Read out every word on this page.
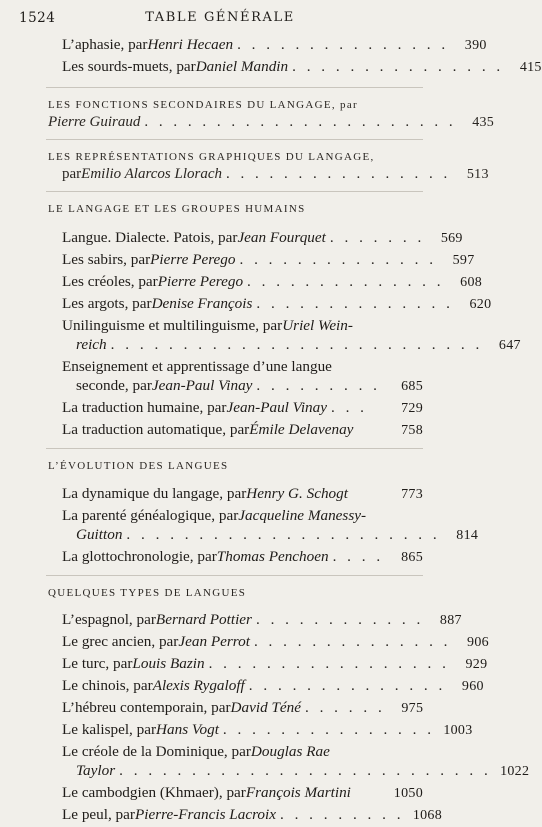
1524	TABLE GÉNÉRALE
L’aphasie, par Henri Hecaen . . . . . . . . . . . . . . .	390
Les sourds-muets, par Daniel Mandin . . . . . . . . . . . . . . .	415
LES FONCTIONS SECONDAIRES DU LANGAGE, par
Pierre Guiraud . . . . . . . . . . . . . . . . . . . . . .	435
LES REPRÉSENTATIONS GRAPHIQUES DU LANGAGE,
par Emilio Alarcos Llorach . . . . . . . . . . . . . . . .	513
LE LANGAGE ET LES GROUPES HUMAINS
Langue. Dialecte. Patois, par Jean Fourquet . . . . . . .	569
Les sabirs, par Pierre Perego . . . . . . . . . . . . . .	597
Les créoles, par Pierre Perego . . . . . . . . . . . . . .	608
Les argots, par Denise François . . . . . . . . . . . . . .	620
Unilinguisme et multilinguisme, par Uriel Wein-
reich . . . . . . . . . . . . . . . . . . . . . . . . . .	647
Enseignement et apprentissage d’une langue
seconde, par Jean-Paul Vinay . . . . . . . . .	685
La traduction humaine, par Jean-Paul Vinay . . .	729
La traduction automatique, par Émile Delavenay	758
L’ÉVOLUTION DES LANGUES
La dynamique du langage, par Henry G. Schogt	773
La parenté généalogique, par Jacqueline Manessy-
Guitton . . . . . . . . . . . . . . . . . . . . . .	814
La glottochronologie, par Thomas Penchoen . . . .	865
QUELQUES TYPES DE LANGUES
L’espagnol, par Bernard Pottier . . . . . . . . . . . .	887
Le grec ancien, par Jean Perrot . . . . . . . . . . . . . .	906
Le turc, par Louis Bazin . . . . . . . . . . . . . . . . .	929
Le chinois, par Alexis Rygaloff . . . . . . . . . . . . . .	960
L’hébreu contemporain, par David Téné . . . . . .	975
Le kalispel, par Hans Vogt . . . . . . . . . . . . . . . 1003
Le créole de la Dominique, par Douglas Rae
Taylor . . . . . . . . . . . . . . . . . . . . . . . . . . 1022
Le cambodgien (Khmaer), par François Martini	1050
Le peul, par Pierre-Francis Lacroix . . . . . . . . . 1068
